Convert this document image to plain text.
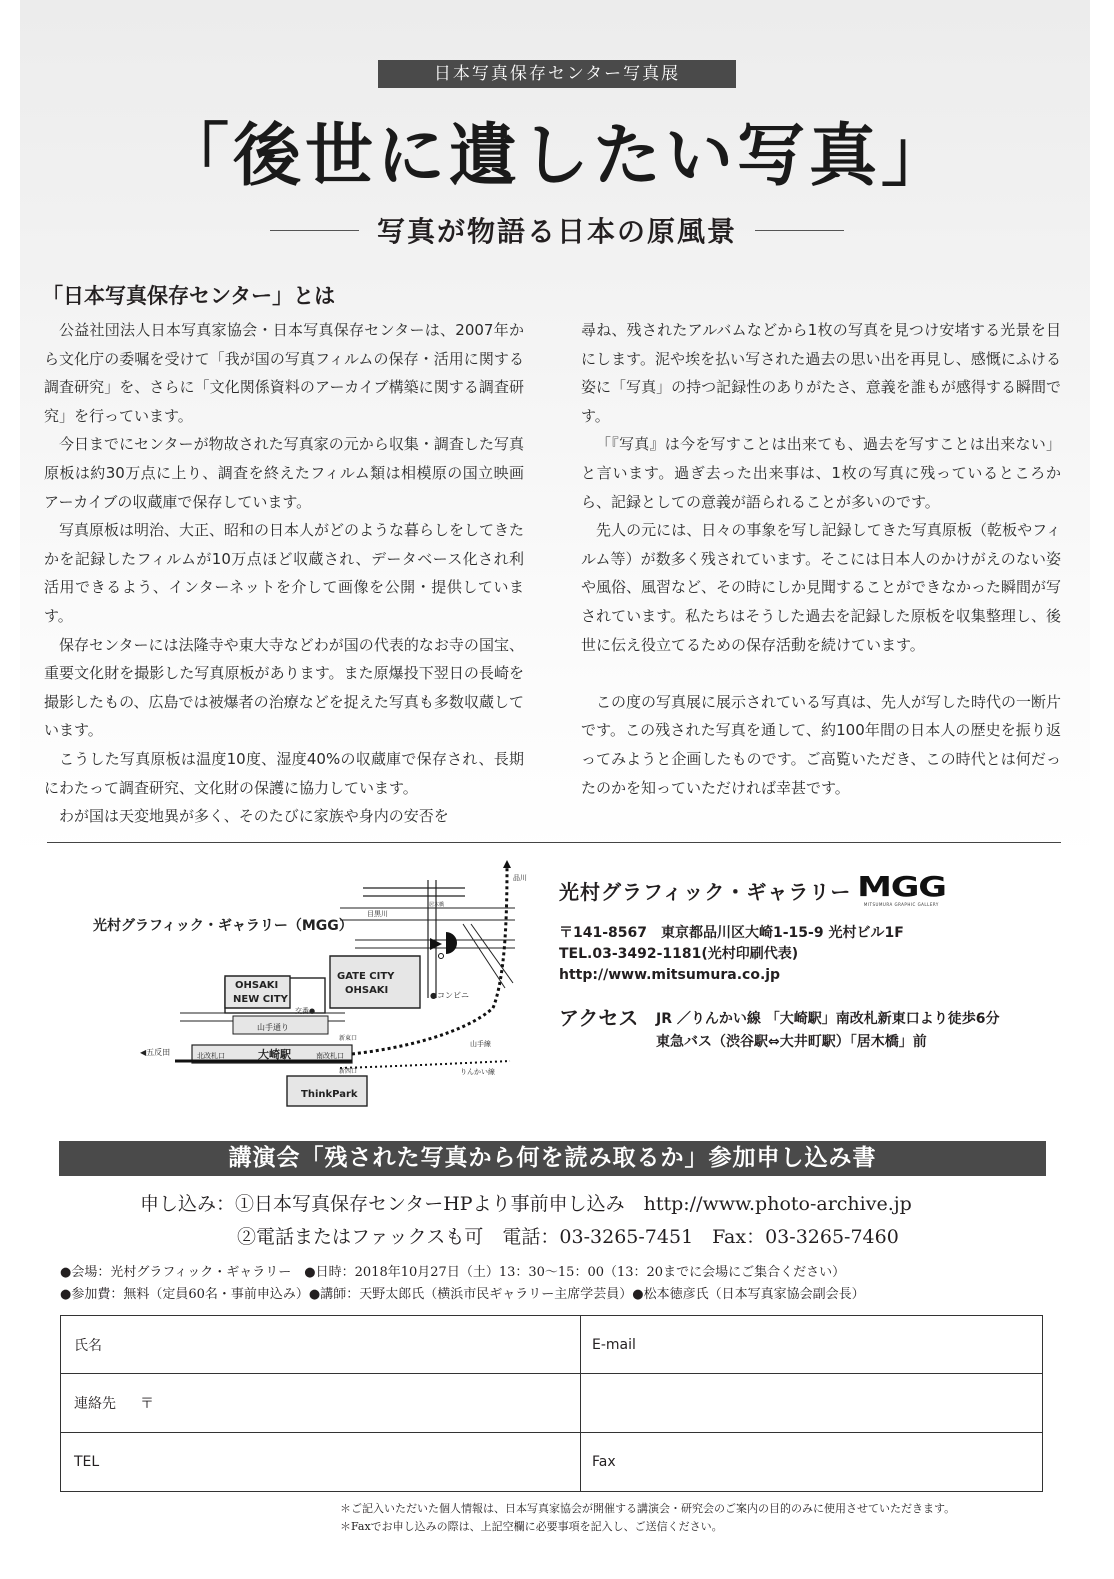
日本写真保存センター写真展
「後世に遺したい写真」
写真が物語る日本の原風景
「日本写真保存センター」とは

公益社団法人日本写真家協会・日本写真保存センターは、2007年から文化庁の委嘱を受けて「我が国の写真フィルムの保存・活用に関する調査研究」を、さらに「文化関係資料のアーカイブ構築に関する調査研究」を行っています。

今日までにセンターが物故された写真家の元から収集・調査した写真原板は約30万点に上り、調査を終えたフィルム類は相模原の国立映画アーカイブの収蔵庫で保存しています。

写真原板は明治、大正、昭和の日本人がどのような暮らしをしてきたかを記録したフィルムが10万点ほど収蔵され、データベース化され利活用できるよう、インターネットを介して画像を公開・提供しています。

保存センターには法隆寺や東大寺などわが国の代表的なお寺の国宝、重要文化財を撮影した写真原板があります。また原爆投下翌日の長崎を撮影したもの、広島では被爆者の治療などを捉えた写真も多数収蔵しています。

こうした写真原板は温度10度、湿度40%の収蔵庫で保存され、長期にわたって調査研究、文化財の保護に協力しています。

わが国は天変地異が多く、そのたびに家族や身内の安否を

尋ね、残されたアルバムなどから1枚の写真を見つけ安堵する光景を目にします。泥や埃を払い写された過去の思い出を再見し、感慨にふける姿に「写真」の持つ記録性のありがたさ、意義を誰もが感得する瞬間です。

「『写真』は今を写すことは出来ても、過去を写すことは出来ない」と言います。過ぎ去った出来事は、1枚の写真に残っているところから、記録としての意義が語られることが多いのです。

先人の元には、日々の事象を写し記録してきた写真原板（乾板やフィルム等）が数多く残されています。そこには日本人のかけがえのない姿や風俗、風習など、その時にしか見聞することができなかった瞬間が写されています。私たちはそうした過去を記録した原板を収集整理し、後世に伝え役立てるための保存活動を続けています。

この度の写真展に展示されている写真は、先人が写した時代の一断片です。この残された写真を通して、約100年間の日本人の歴史を振り返ってみようと企画したものです。ご高覧いただき、この時代とは何だったのかを知っていただければ幸甚です。

光村グラフィック・ギャラリー（MGG）
品川
目黒川
OHSAKI
NEW CITY
GATE CITY
OHSAKI
交番●
●コンビニ
山手通り
◀五反田	北改札口	大崎駅	南改札口
新東口
新西口
山手線
りんかい線
ThinkPark
居木橋
光村グラフィック・ギャラリー MGG
MITSUMURA GRAPHIC GALLERY
〒141-8567　東京都品川区大崎1-15-9 光村ビル1F
TEL.03-3492-1181(光村印刷代表)
http://www.mitsumura.co.jp
アクセス	JR ／りんかい線 「大崎駅」南改札新東口より徒歩6分
東急バス（渋谷駅⇔大井町駅）「居木橋」前
講演会「残された写真から何を読み取るか」参加申し込み書
申し込み：①日本写真保存センターHPより事前申し込み　http://www.photo-archive.jp
②電話またはファックスも可　電話：03-3265-7451　Fax：03-3265-7460
●会場：光村グラフィック・ギャラリー　●日時：2018年10月27日（土）13：30〜15：00（13：20までに会場にご集合ください）
●参加費：無料（定員60名・事前申込み）●講師：天野太郎氏（横浜市民ギャラリー主席学芸員）●松本徳彦氏（日本写真家協会副会長）
氏名	E-mail
連絡先 〒
TEL	Fax
＊ご記入いただいた個人情報は、日本写真家協会が開催する講演会・研究会のご案内の目的のみに使用させていただきます。
＊Faxでお申し込みの際は、上記空欄に必要事項を記入し、ご送信ください。
